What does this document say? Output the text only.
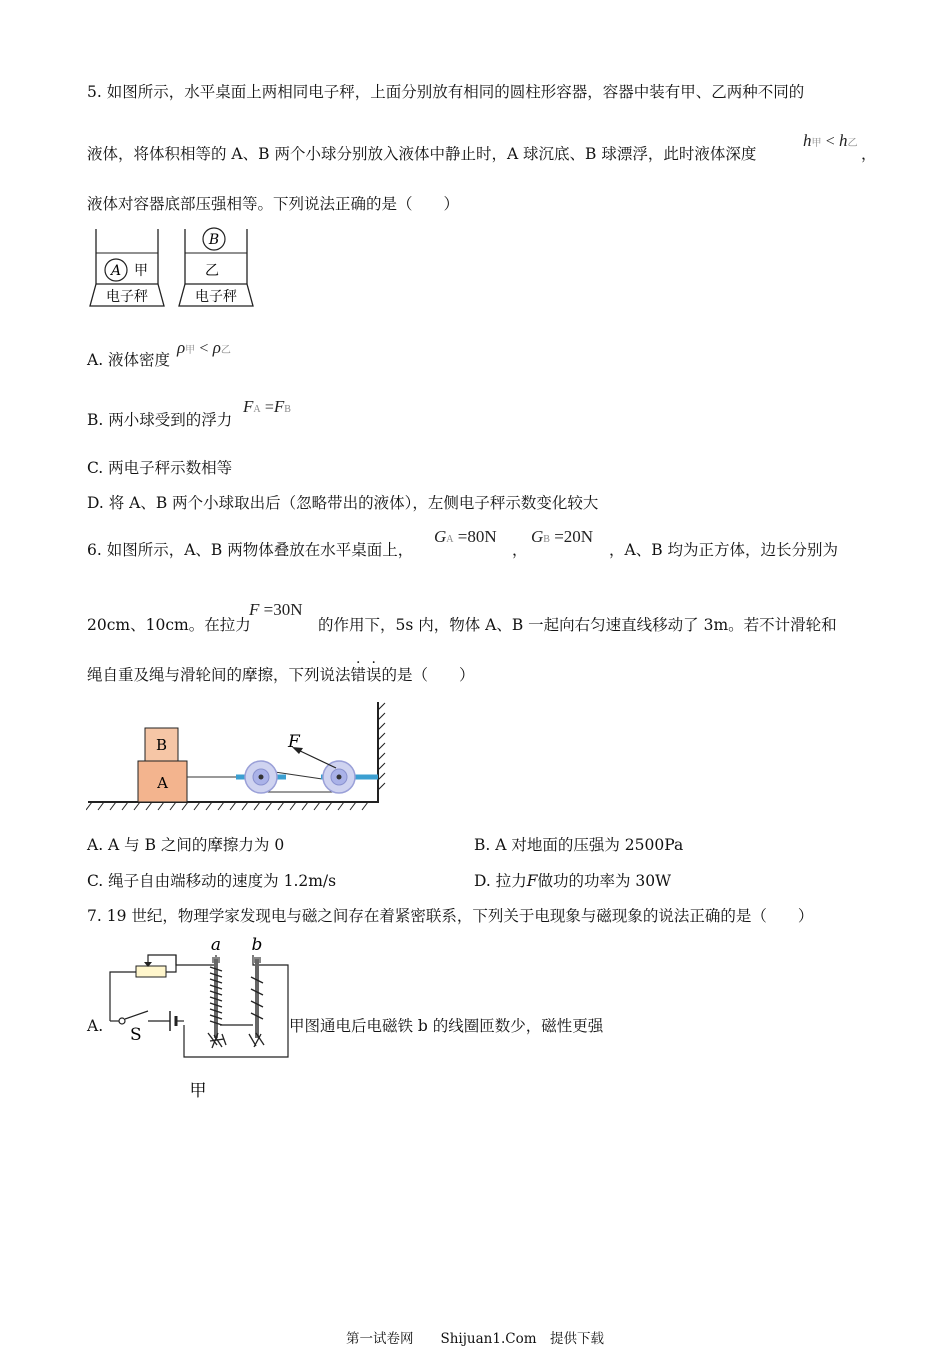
5. 如图所示，水平桌面上两相同电子秤，上面分别放有相同的圆柱形容器，容器中装有甲、乙两种不同的
液体，将体积相等的 A、B 两个小球分别放入液体中静止时，A 球沉底、B 球漂浮，此时液体深度
h甲 < h乙
，
液体对容器底部压强相等。下列说法正确的是（　　）
A 甲
电子秤
B
乙
电子秤
A. 液体密度
ρ甲 < ρ乙
B. 两小球受到的浮力
FA =FB
C. 两电子秤示数相等
D. 将 A、B 两个小球取出后（忽略带出的液体），左侧电子秤示数变化较大
6. 如图所示，A、B 两物体叠放在水平桌面上，
GA =80N
，
GB =20N
，A、B 均为正方体，边长分别为
20cm、10cm。在拉力
F =30N
的作用下，5s 内，物体 A、B 一起向右匀速直线移动了 3m。若不计滑轮和
绳自重及绳与滑轮间的摩擦，下列说法错误的是（　　）
B
A
F
A. A 与 B 之间的摩擦力为 0	B. A 对地面的压强为 2500Pa
C. 绳子自由端移动的速度为 1.2m/s	D. 拉力F做功的功率为 30W
7. 19 世纪，物理学家发现电与磁之间存在着紧密联系，下列关于电现象与磁现象的说法正确的是（　　）
A.	甲图通电后电磁铁 b 的线圈匝数少，磁性更强
S
a b
甲
第一试卷网　　Shijuan1.Com　提供下载
